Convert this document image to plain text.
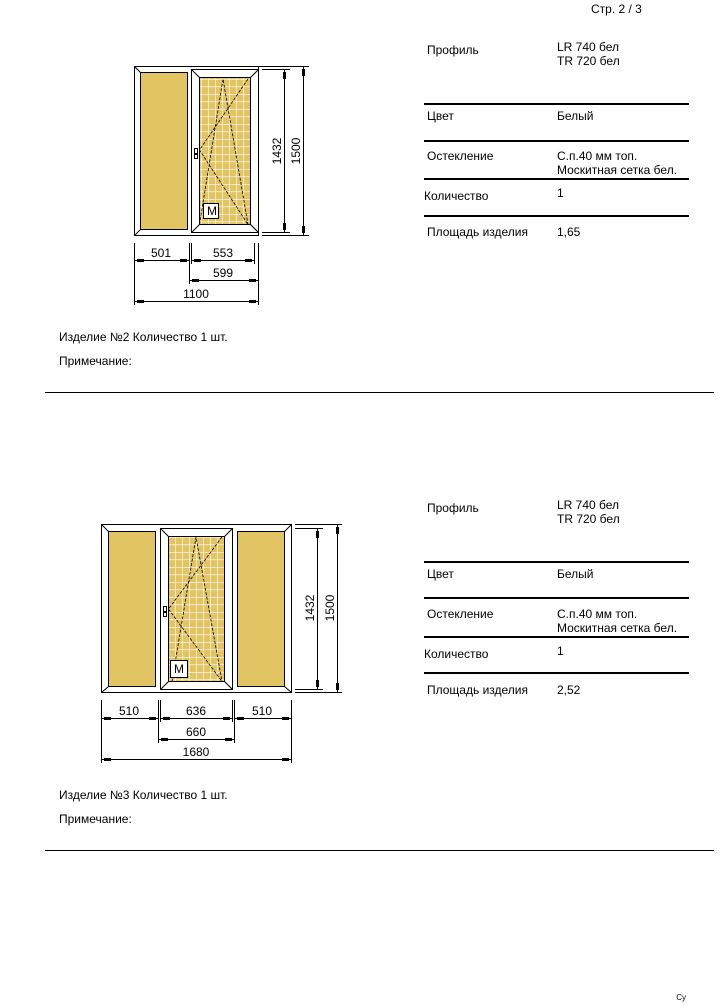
Стр. 2 / 3
M
1432 1500
501	553
599
1100
M
1432 1500
510	636	510
660
1680
Профиль	LR 740 бел
TR 720 бел
Цвет	Белый
Остекление	С.п.40 мм топ.
Москитная сетка бел.
Количество	1
Площадь изделия 1,65
Изделие №2 Количество 1 шт.
Примечание:
Профиль	LR 740 бел
TR 720 бел
Цвет	Белый
Остекление	С.п.40 мм топ.
Москитная сетка бел.
Количество	1
Площадь изделия 2,52
Изделие №3 Количество 1 шт.
Примечание:
Cy
